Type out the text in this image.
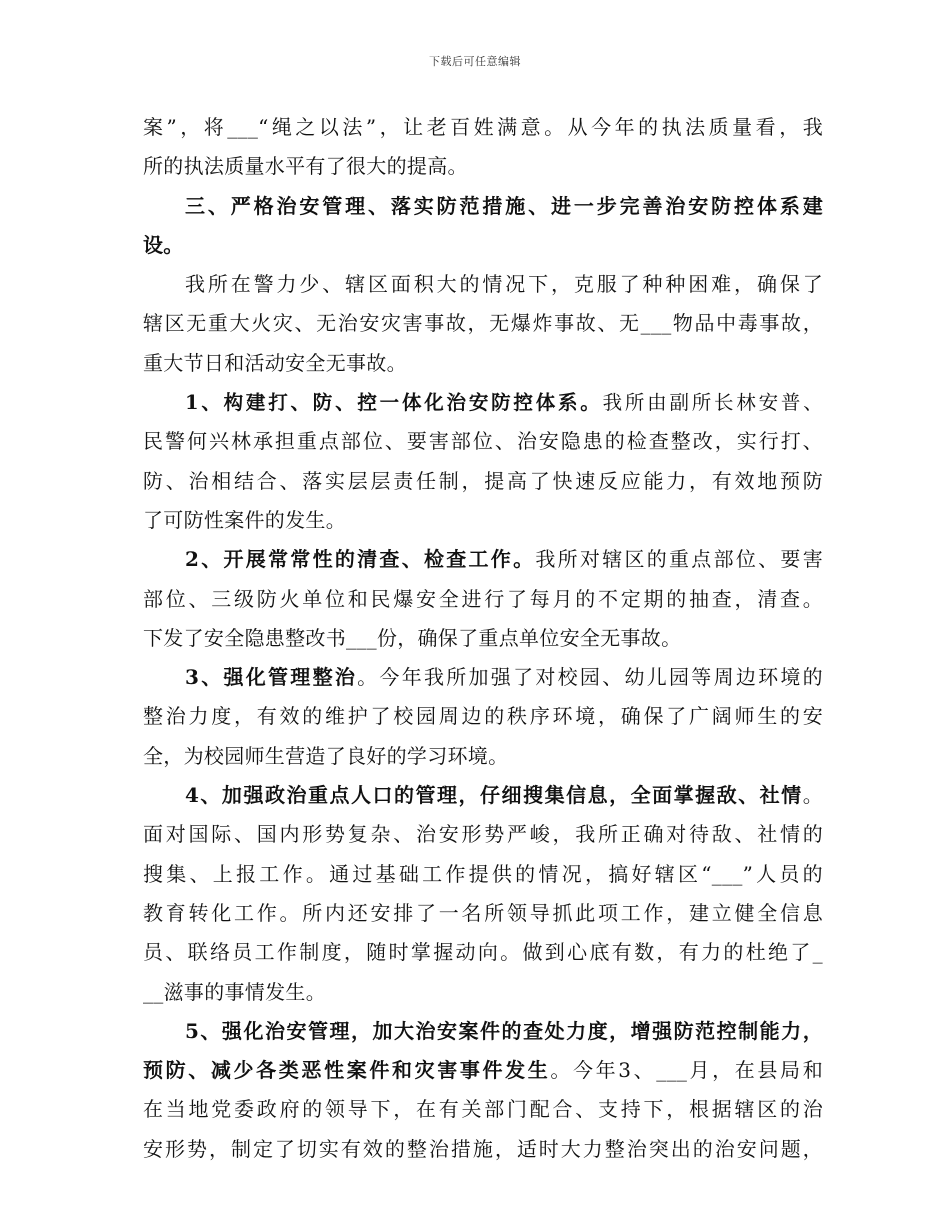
下载后可任意编辑
案”，将___“绳之以法”，让老百姓满意。从今年的执法质量看，我
所的执法质量水平有了很大的提高。
三、严格治安管理、落实防范措施、进一步完善治安防控体系建
设。
我所在警力少、辖区面积大的情况下，克服了种种困难，确保了
辖区无重大火灾、无治安灾害事故，无爆炸事故、无___物品中毒事故，
重大节日和活动安全无事故。
1、构建打、防、控一体化治安防控体系。我所由副所长林安普、
民警何兴林承担重点部位、要害部位、治安隐患的检查整改，实行打、
防、治相结合、落实层层责任制，提高了快速反应能力，有效地预防
了可防性案件的发生。
2、开展常常性的清查、检查工作。我所对辖区的重点部位、要害
部位、三级防火单位和民爆安全进行了每月的不定期的抽查，清查。
下发了安全隐患整改书___份，确保了重点单位安全无事故。
3、强化管理整治。今年我所加强了对校园、幼儿园等周边环境的
整治力度，有效的维护了校园周边的秩序环境，确保了广阔师生的安
全，为校园师生营造了良好的学习环境。
4、加强政治重点人口的管理，仔细搜集信息，全面掌握敌、社情。
面对国际、国内形势复杂、治安形势严峻，我所正确对待敌、社情的
搜集、上报工作。通过基础工作提供的情况，搞好辖区“___”人员的
教育转化工作。所内还安排了一名所领导抓此项工作，建立健全信息
员、联络员工作制度，随时掌握动向。做到心底有数，有力的杜绝了_
__滋事的事情发生。
5、强化治安管理，加大治安案件的查处力度，增强防范控制能力，
预防、减少各类恶性案件和灾害事件发生。今年3、___月，在县局和
在当地党委政府的领导下，在有关部门配合、支持下，根据辖区的治
安形势，制定了切实有效的整治措施，适时大力整治突出的治安问题，
